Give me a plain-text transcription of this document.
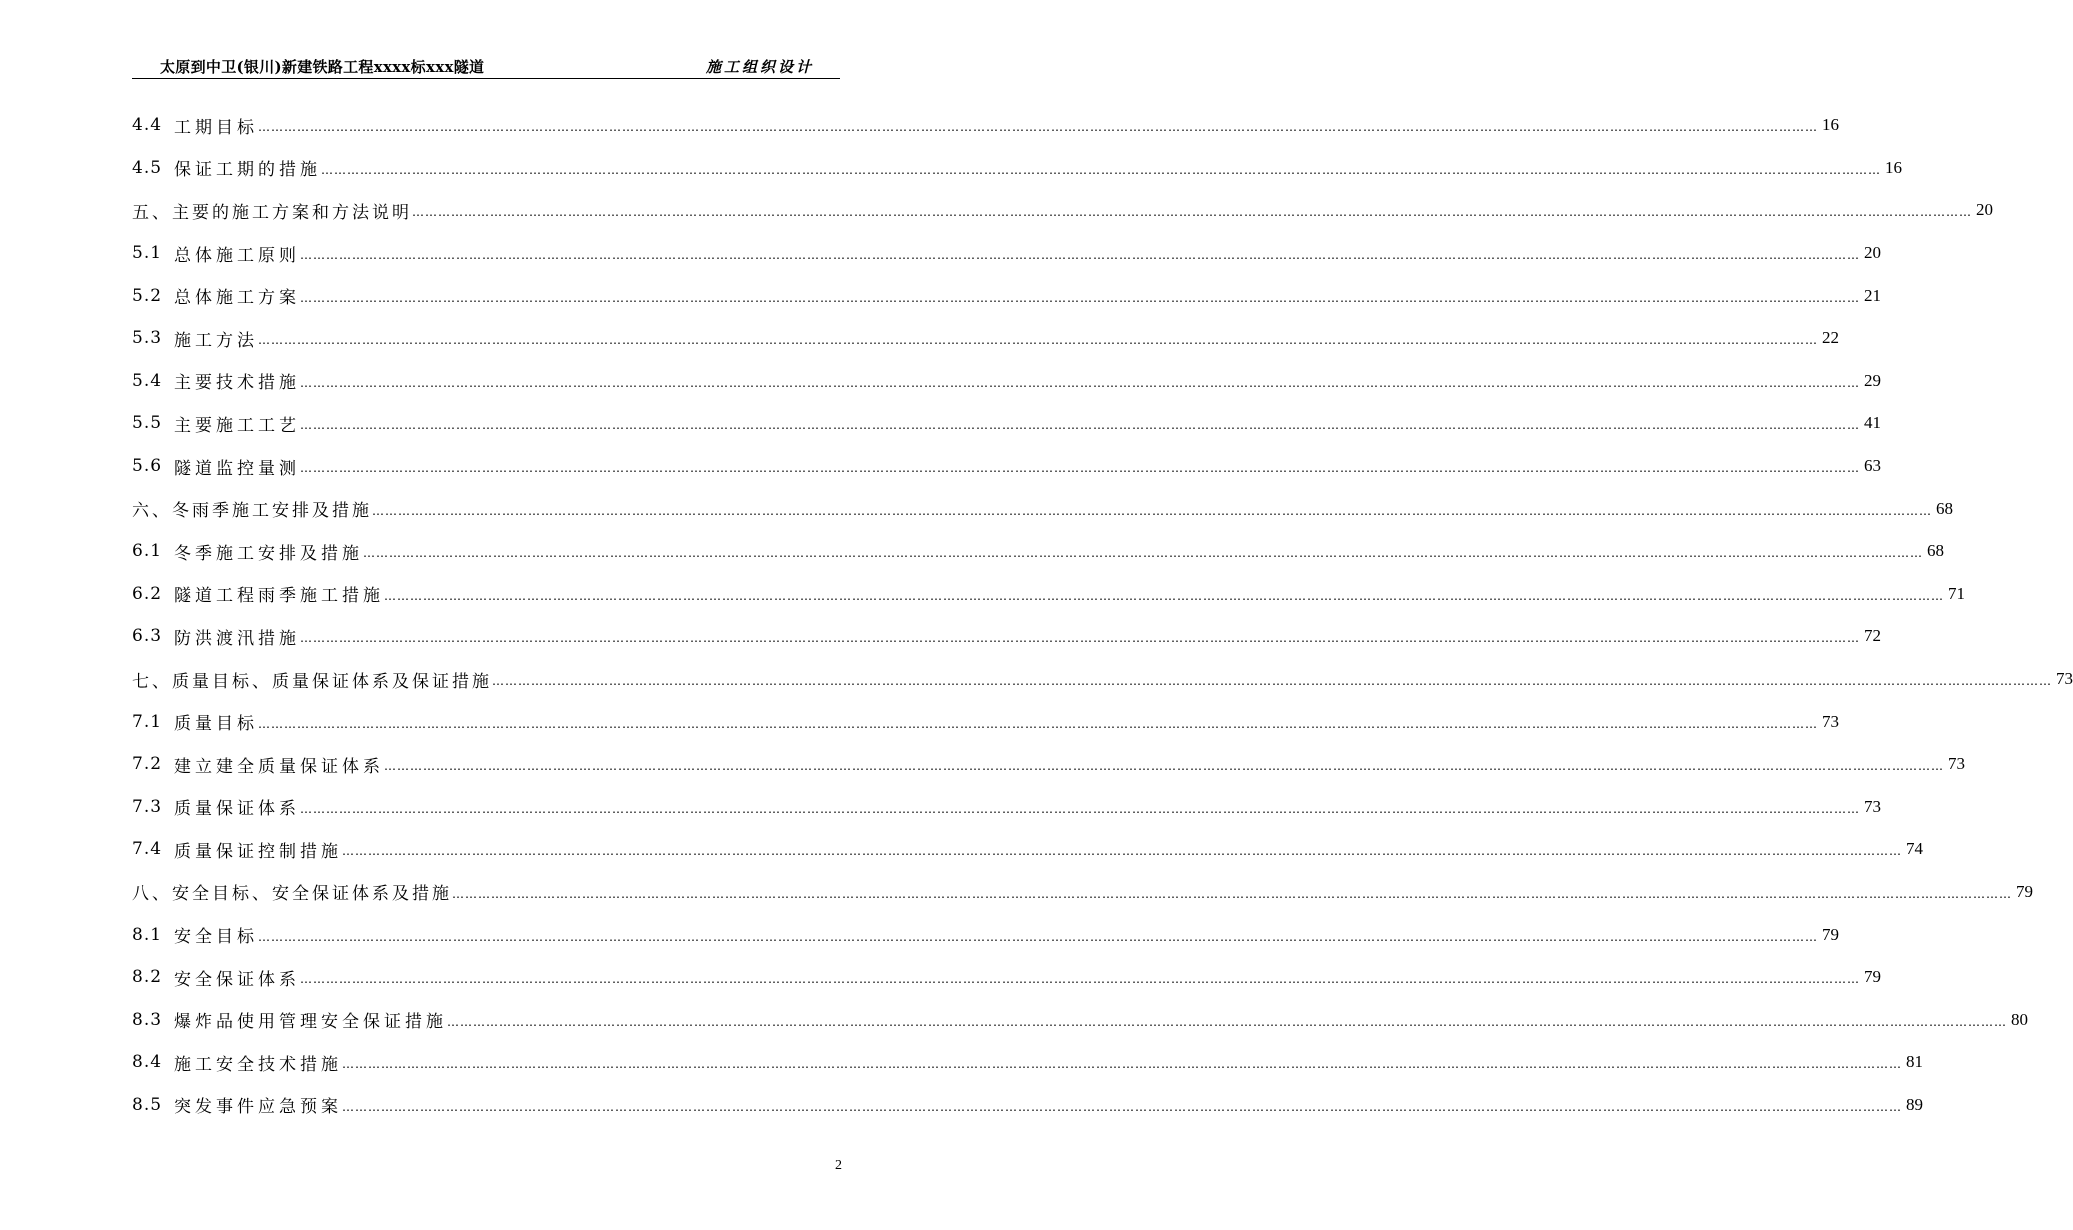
太原到中卫(银川)新建铁路工程xxxx标xxx隧道	施工组织设计
4.4 工期目标 ……………………………………………………………………………………………………………………………………………………………………………………………………………………………………………………………………………………………………………………………… 16
4.5 保证工期的措施 ……………………………………………………………………………………………………………………………………………………………………………………………………………………………………………………………………………………………………………………………… 16
五、主要的施工方案和方法说明 ……………………………………………………………………………………………………………………………………………………………………………………………………………………………………………………………………………………………………………………………… 20
5.1 总体施工原则 ……………………………………………………………………………………………………………………………………………………………………………………………………………………………………………………………………………………………………………………………… 20
5.2 总体施工方案 ……………………………………………………………………………………………………………………………………………………………………………………………………………………………………………………………………………………………………………………………… 21
5.3 施工方法 ……………………………………………………………………………………………………………………………………………………………………………………………………………………………………………………………………………………………………………………………… 22
5.4 主要技术措施 ……………………………………………………………………………………………………………………………………………………………………………………………………………………………………………………………………………………………………………………………… 29
5.5 主要施工工艺 ……………………………………………………………………………………………………………………………………………………………………………………………………………………………………………………………………………………………………………………………… 41
5.6 隧道监控量测 ……………………………………………………………………………………………………………………………………………………………………………………………………………………………………………………………………………………………………………………………… 63
六、冬雨季施工安排及措施 ……………………………………………………………………………………………………………………………………………………………………………………………………………………………………………………………………………………………………………………………… 68
6.1 冬季施工安排及措施 ……………………………………………………………………………………………………………………………………………………………………………………………………………………………………………………………………………………………………………………………… 68
6.2 隧道工程雨季施工措施 ……………………………………………………………………………………………………………………………………………………………………………………………………………………………………………………………………………………………………………………………… 71
6.3 防洪渡汛措施 ……………………………………………………………………………………………………………………………………………………………………………………………………………………………………………………………………………………………………………………………… 72
七、质量目标、质量保证体系及保证措施 ……………………………………………………………………………………………………………………………………………………………………………………………………………………………………………………………………………………………………………………………… 73
7.1 质量目标 ……………………………………………………………………………………………………………………………………………………………………………………………………………………………………………………………………………………………………………………………… 73
7.2 建立建全质量保证体系 ……………………………………………………………………………………………………………………………………………………………………………………………………………………………………………………………………………………………………………………………… 73
7.3 质量保证体系 ……………………………………………………………………………………………………………………………………………………………………………………………………………………………………………………………………………………………………………………………… 73
7.4 质量保证控制措施 ……………………………………………………………………………………………………………………………………………………………………………………………………………………………………………………………………………………………………………………………… 74
八、安全目标、安全保证体系及措施 ……………………………………………………………………………………………………………………………………………………………………………………………………………………………………………………………………………………………………………………………… 79
8.1 安全目标 ……………………………………………………………………………………………………………………………………………………………………………………………………………………………………………………………………………………………………………………………… 79
8.2 安全保证体系 ……………………………………………………………………………………………………………………………………………………………………………………………………………………………………………………………………………………………………………………………… 79
8.3 爆炸品使用管理安全保证措施 ……………………………………………………………………………………………………………………………………………………………………………………………………………………………………………………………………………………………………………………………… 80
8.4 施工安全技术措施 ……………………………………………………………………………………………………………………………………………………………………………………………………………………………………………………………………………………………………………………………… 81
8.5 突发事件应急预案 ……………………………………………………………………………………………………………………………………………………………………………………………………………………………………………………………………………………………………………………………… 89
2
